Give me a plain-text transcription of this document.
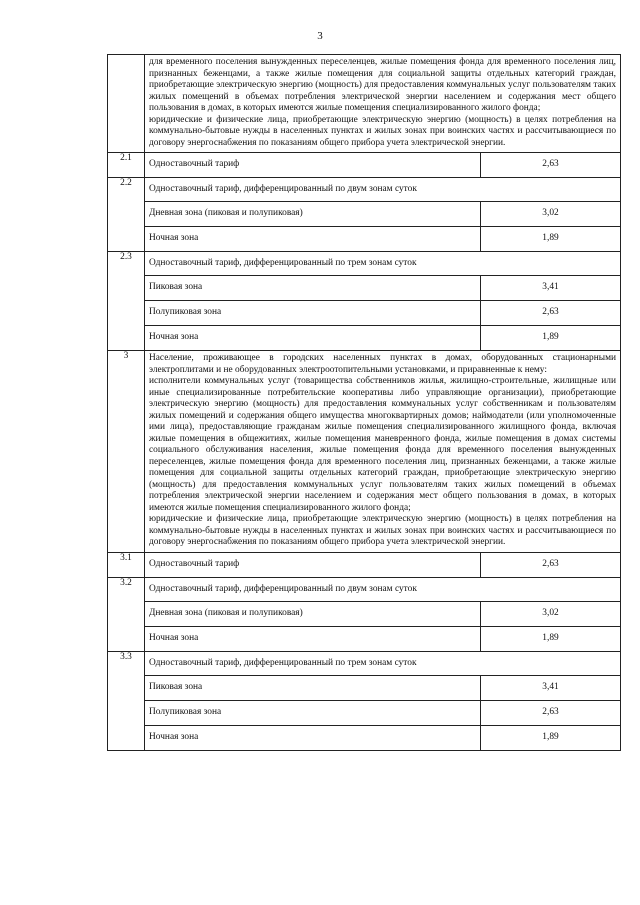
3

	для временного поселения вынужденных переселенцев, жилые помещения фонда для временного поселения лиц, признанных беженцами, а также жилые помещения для социальной защиты отдельных категорий граждан, приобретающие электрическую энергию (мощность) для предоставления коммунальных услуг пользователям таких жилых помещений в объемах потребления электрической энергии населением и содержания мест общего пользования в домах, в которых имеются жилые помещения специализированного жилого фонда;

юридические и физические лица, приобретающие электрическую энергию (мощность) в целях потребления на коммунально-бытовые нужды в населенных пунктах и жилых зонах при воинских частях и рассчитывающиеся по договору энергоснабжения по показаниям общего прибора учета электрической энергии.	

2.1	Одноставочный тариф	2,63
2.2	Одноставочный тариф, дифференцированный по двум зонам суток	
	Дневная зона (пиковая и полупиковая)	3,02
	Ночная зона	1,89
2.3	Одноставочный тариф, дифференцированный по трем зонам суток	
	Пиковая зона	3,41
	Полупиковая зона	2,63
	Ночная зона	1,89
3	Население, проживающее в городских населенных пунктах в домах, оборудованных стационарными электроплитами и не оборудованных электроотопительными установками, и приравненные к нему:

исполнители коммунальных услуг (товарищества собственников жилья, жилищно-строительные, жилищные или иные специализированные потребительские кооперативы либо управляющие организации), приобретающие электрическую энергию (мощность) для предоставления коммунальных услуг собственникам и пользователям жилых помещений и содержания общего имущества многоквартирных домов; наймодатели (или уполномоченные ими лица), предоставляющие гражданам жилые помещения специализированного жилищного фонда, включая жилые помещения в общежитиях, жилые помещения маневренного фонда, жилые помещения в домах системы социального обслуживания населения, жилые помещения фонда для временного поселения вынужденных переселенцев, жилые помещения фонда для временного поселения лиц, признанных беженцами, а также жилые помещения для социальной защиты отдельных категорий граждан, приобретающие электрическую энергию (мощность) для предоставления коммунальных услуг пользователям таких жилых помещений в объемах потребления электрической энергии населением и содержания мест общего пользования в домах, в которых имеются жилые помещения специализированного жилого фонда;

юридические и физические лица, приобретающие электрическую энергию (мощность) в целях потребления на коммунально-бытовые нужды в населенных пунктах и жилых зонах при воинских частях и рассчитывающиеся по договору энергоснабжения по показаниям общего прибора учета электрической энергии.	

3.1	Одноставочный тариф	2,63
3.2	Одноставочный тариф, дифференцированный по двум зонам суток	
	Дневная зона (пиковая и полупиковая)	3,02
	Ночная зона	1,89
3.3	Одноставочный тариф, дифференцированный по трем зонам суток	
	Пиковая зона	3,41
	Полупиковая зона	2,63
	Ночная зона	1,89
